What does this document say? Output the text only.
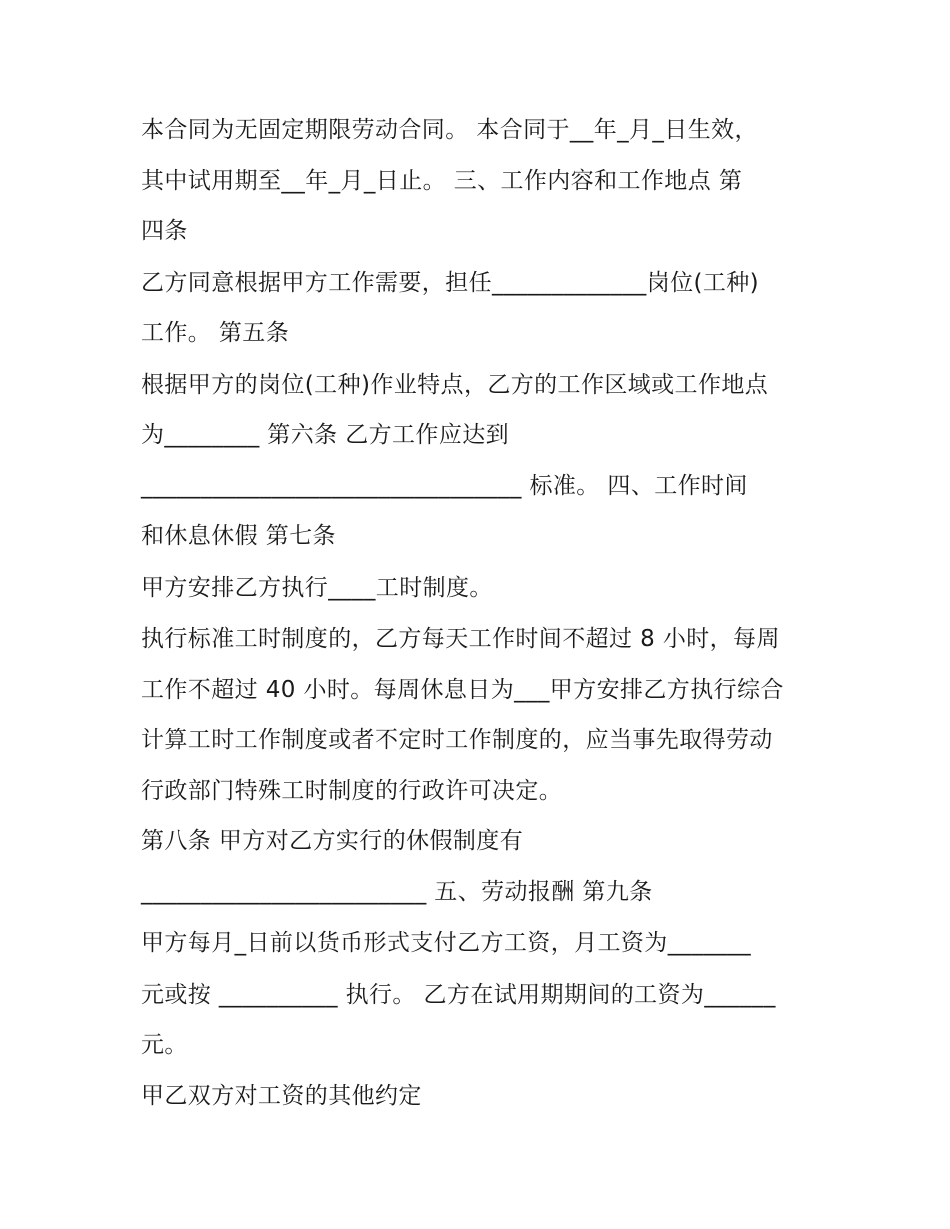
本合同为无固定期限劳动合同。 本合同于__年_月_日生效，
其中试用期至__年_月_日止。 三、工作内容和工作地点 第
四条
乙方同意根据甲方工作需要，担任_____________岗位(工种)
工作。 第五条
根据甲方的岗位(工种)作业特点，乙方的工作区域或工作地点
为________ 第六条 乙方工作应达到
________________________________ 标准。 四、工作时间
和休息休假 第七条
甲方安排乙方执行____工时制度。
执行标准工时制度的，乙方每天工作时间不超过 8 小时，每周
工作不超过 40 小时。每周休息日为___甲方安排乙方执行综合
计算工时工作制度或者不定时工作制度的，应当事先取得劳动
行政部门特殊工时制度的行政许可决定。
第八条 甲方对乙方实行的休假制度有
________________________ 五、劳动报酬 第九条
甲方每月_日前以货币形式支付乙方工资，月工资为_______
元或按 __________ 执行。 乙方在试用期期间的工资为______
元。
甲乙双方对工资的其他约定
